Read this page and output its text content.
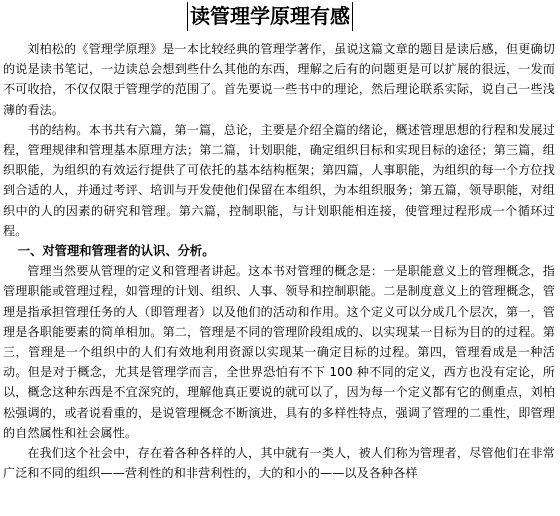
读管理学原理有感

刘柏松的《管理学原理》是一本比较经典的管理学著作，虽说这篇文章的题目是读后感，但更确切的说是读书笔记，一边读总会想到些什么其他的东西，理解之后有的问题更是可以扩展的很远，一发而不可收拾，不仅仅限于管理学的范围了。首先要说一些书中的理论，然后理论联系实际，说自己一些浅薄的看法。

书的结构。本书共有六篇，第一篇，总论，主要是介绍全篇的绪论，概述管理思想的行程和发展过程，管理规律和管理基本原理方法；第二篇，计划职能，确定组织目标和实现目标的途径；第三篇，组织职能，为组织的有效运行提供了可依托的基本结构框架；第四篇，人事职能，为组织的每一个方位找到合适的人，并通过考评、培训与开发使他们保留在本组织，为本组织服务；第五篇，领导职能，对组织中的人的因素的研究和管理。第六篇，控制职能，与计划职能相连接，使管理过程形成一个循环过程。

一、对管理和管理者的认识、分析。

管理当然要从管理的定义和管理者讲起。这本书对管理的概念是：一是职能意义上的管理概念，指管理职能或管理过程，如管理的计划、组织、人事、领导和控制职能。二是制度意义上的管理概念，管理是指承担管理任务的人（即管理者）以及他们的活动和作用。这个定义可以分成几个层次，第一，管理是各职能要素的简单相加。第二，管理是不同的管理阶段组成的、以实现某一目标为目的的过程。第三，管理是一个组织中的人们有效地利用资源以实现某一确定目标的过程。第四，管理看成是一种活动。但是对于概念，尤其是管理学而言，全世界恐怕有不下 100 种不同的定义，西方也没有定论，所以，概念这种东西是不宜深究的，理解他真正要说的就可以了，因为每一个定义都有它的侧重点，刘柏松强调的，或者说看重的，是说管理概念不断演进，具有的多样性特点，强调了管理的二重性，即管理的自然属性和社会属性。

在我们这个社会中，存在着各种各样的人，其中就有一类人，被人们称为管理者，尽管他们在非常广泛和不同的组织——营利性的和非营利性的，大的和小的——以及各种各样
